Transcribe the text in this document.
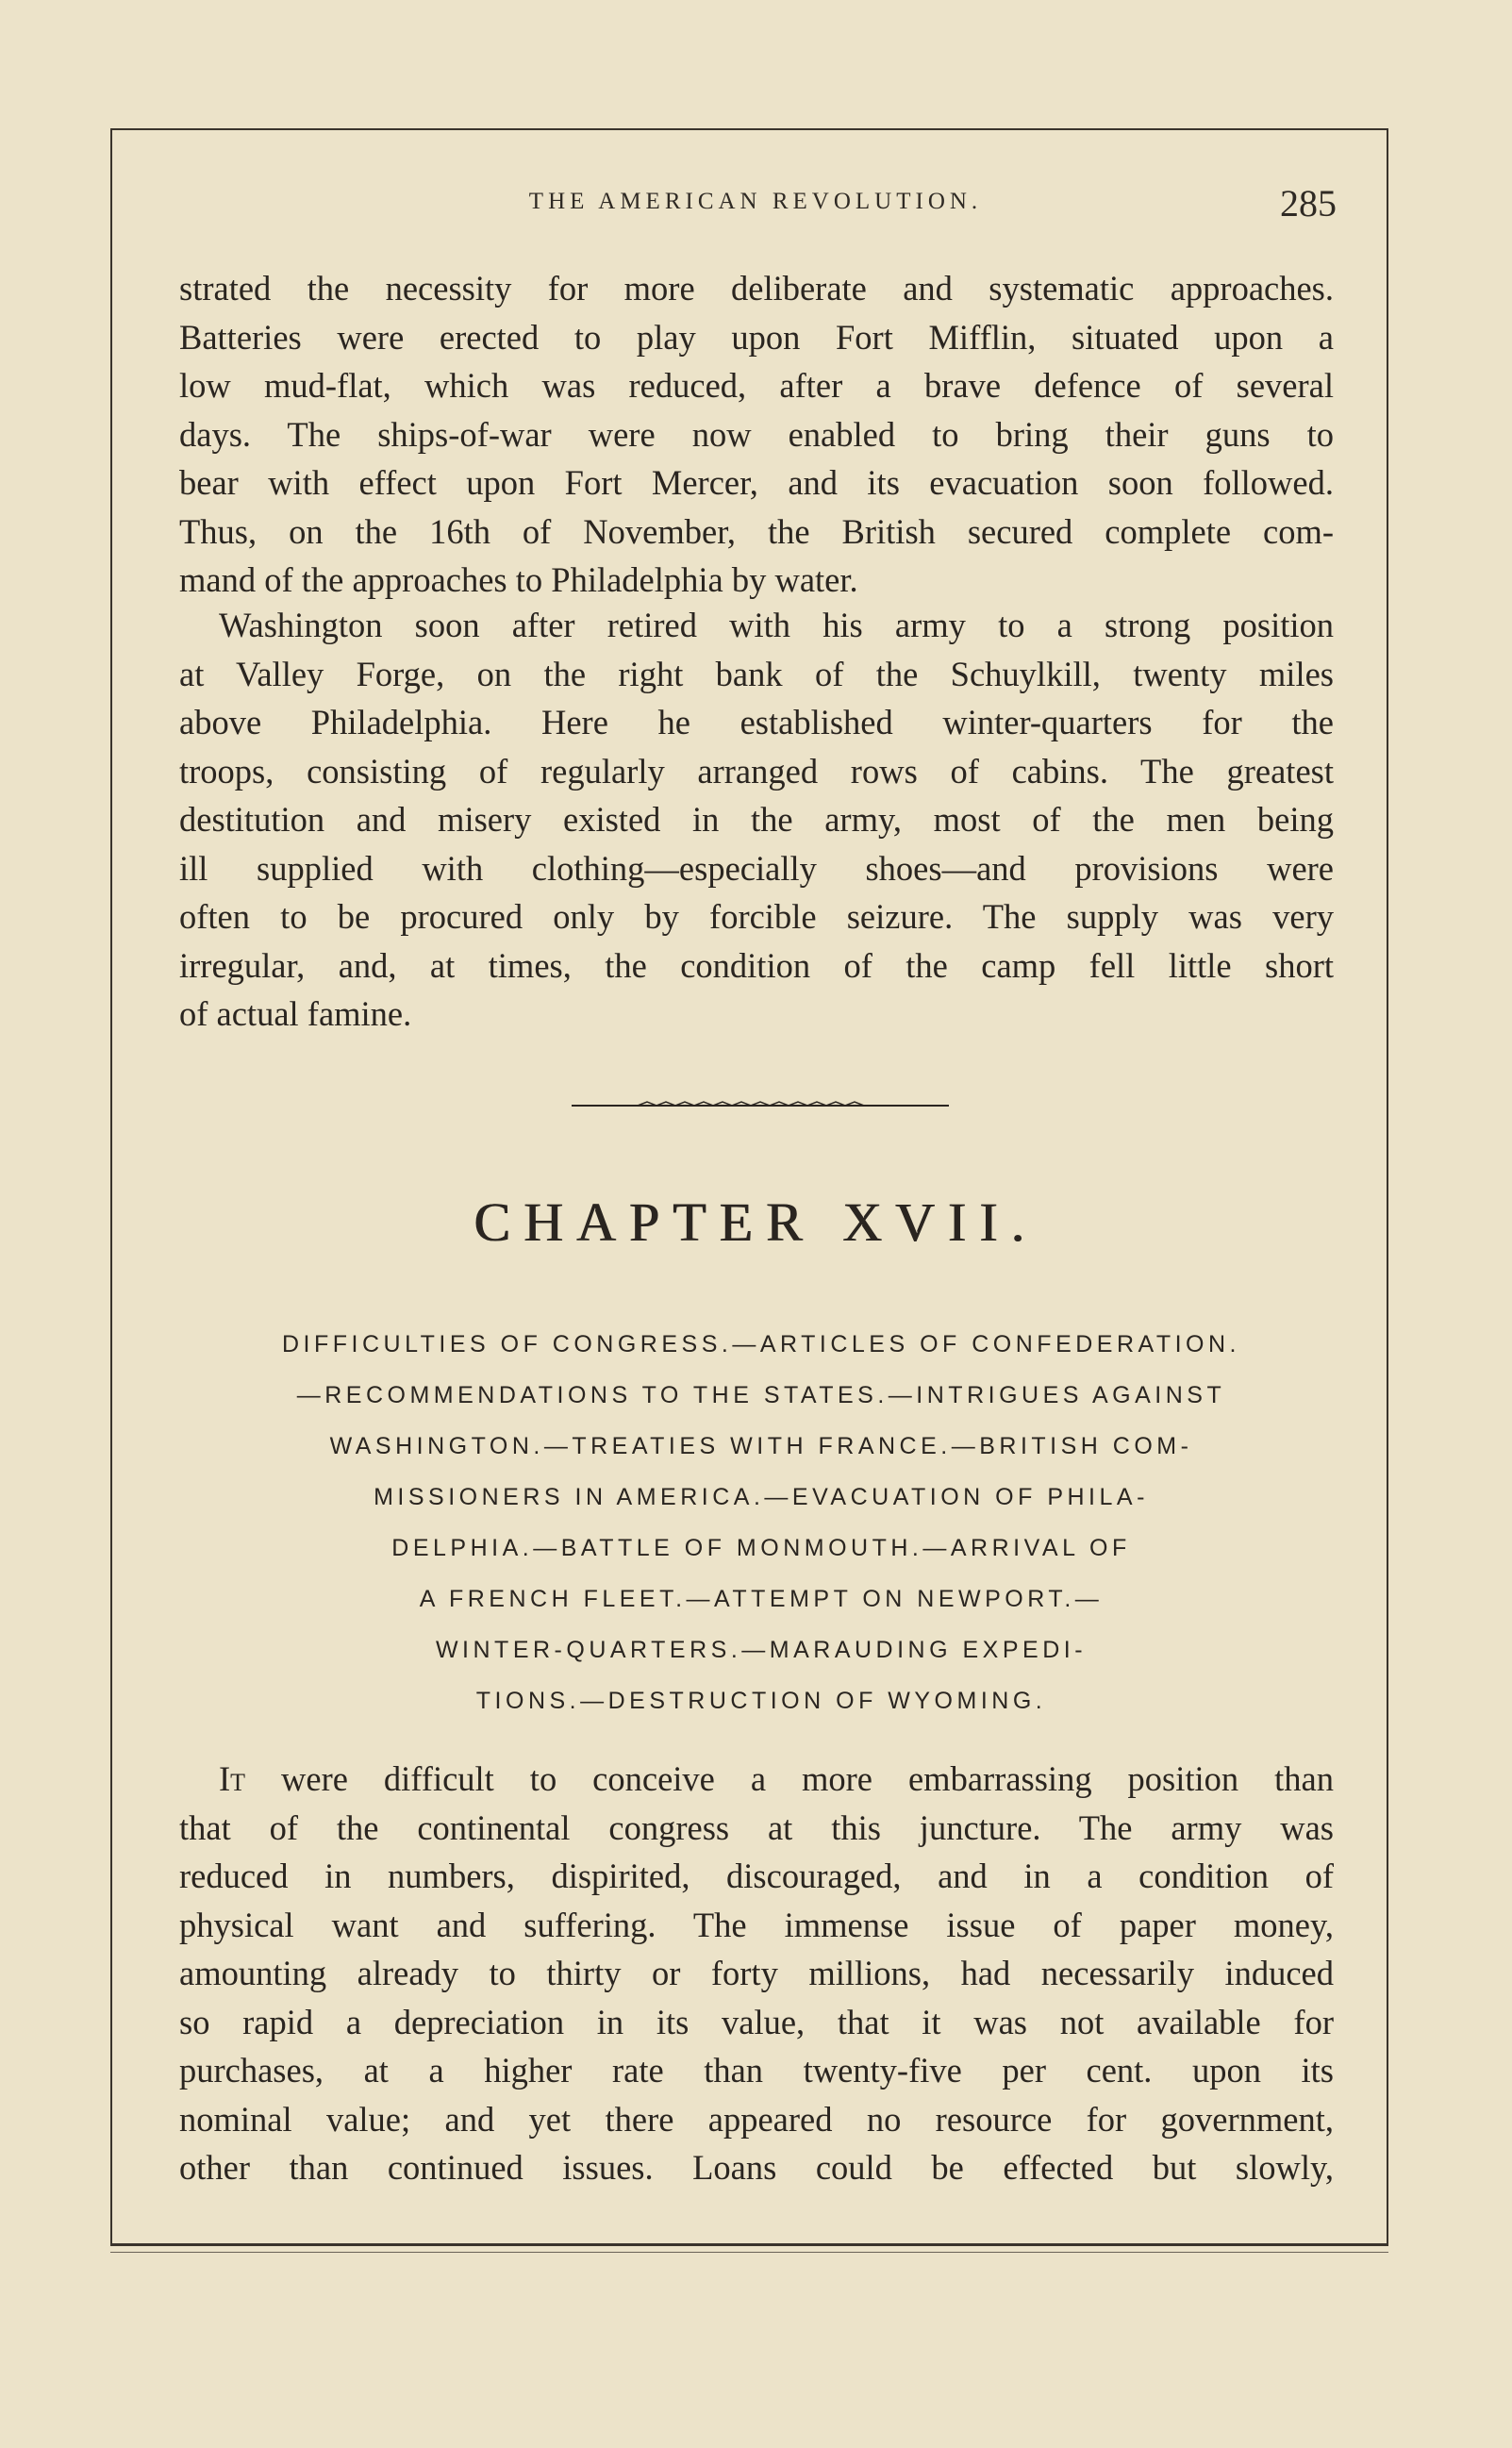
THE AMERICAN REVOLUTION.	285
strated the necessity for more deliberate and systematic approaches.
Batteries were erected to play upon Fort Mifflin, situated upon a
low mud-flat, which was reduced, after a brave defence of several
days. The ships-of-war were now enabled to bring their guns to
bear with effect upon Fort Mercer, and its evacuation soon followed.
Thus, on the 16th of November, the British secured complete com-
mand of the approaches to Philadelphia by water.
Washington soon after retired with his army to a strong position
at Valley Forge, on the right bank of the Schuylkill, twenty miles
above Philadelphia. Here he established winter-quarters for the
troops, consisting of regularly arranged rows of cabins. The greatest
destitution and misery existed in the army, most of the men being
ill supplied with clothing—especially shoes—and provisions were
often to be procured only by forcible seizure. The supply was very
irregular, and, at times, the condition of the camp fell little short
of actual famine.
CHAPTER XVII.
DIFFICULTIES OF CONGRESS.—ARTICLES OF CONFEDERATION.
—RECOMMENDATIONS TO THE STATES.—INTRIGUES AGAINST
WASHINGTON.—TREATIES WITH FRANCE.—BRITISH COM-
MISSIONERS IN AMERICA.—EVACUATION OF PHILA-
DELPHIA.—BATTLE OF MONMOUTH.—ARRIVAL OF
A FRENCH FLEET.—ATTEMPT ON NEWPORT.—
WINTER-QUARTERS.—MARAUDING EXPEDI-
TIONS.—DESTRUCTION OF WYOMING.
It were difficult to conceive a more embarrassing position than
that of the continental congress at this juncture. The army was
reduced in numbers, dispirited, discouraged, and in a condition of
physical want and suffering. The immense issue of paper money,
amounting already to thirty or forty millions, had necessarily induced
so rapid a depreciation in its value, that it was not available for
purchases, at a higher rate than twenty-five per cent. upon its
nominal value; and yet there appeared no resource for government,
other than continued issues. Loans could be effected but slowly,
